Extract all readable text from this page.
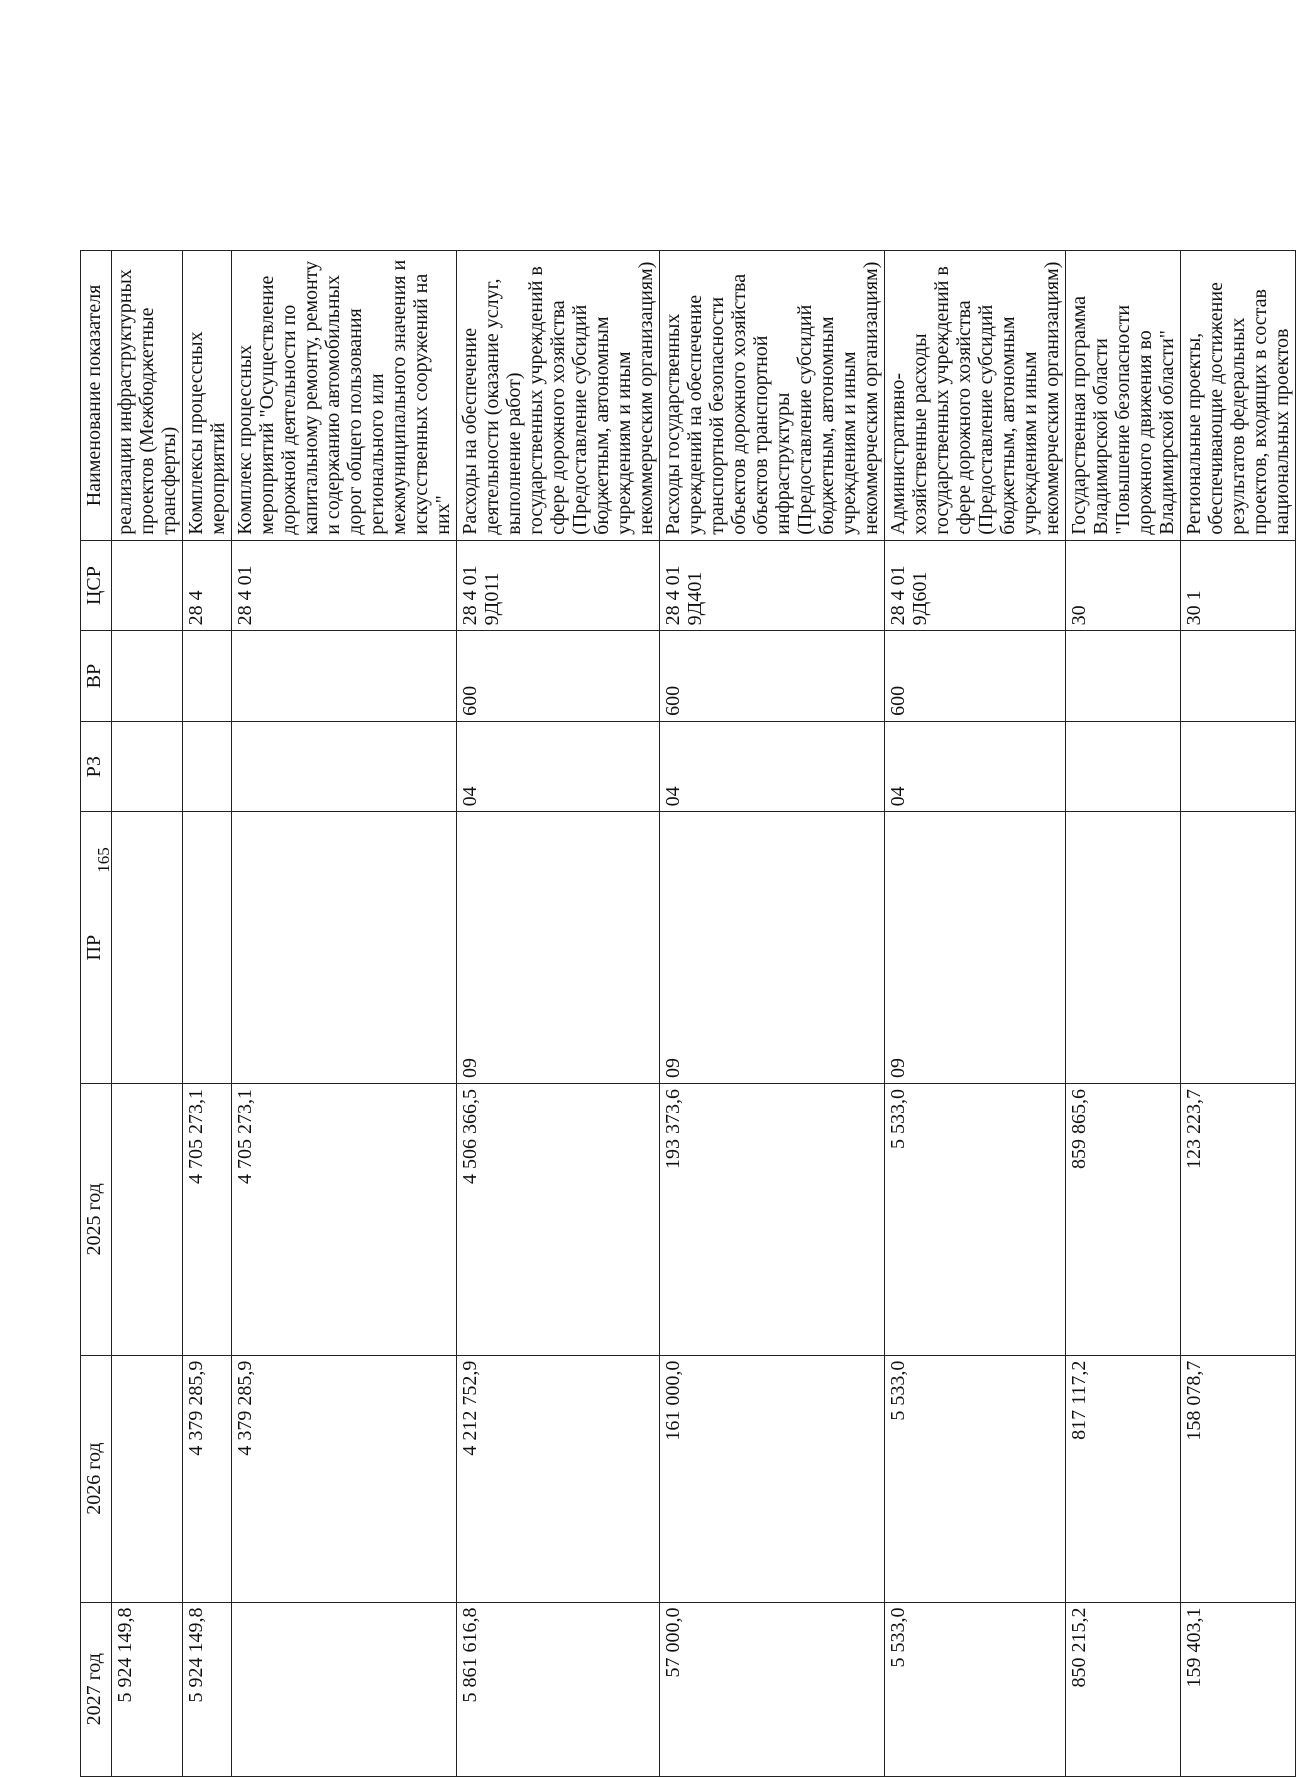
165
2027 год	2026 год	2025 год	ПР	РЗ	ВР	ЦСР	Наименование показателя
5 924 149,8							реализации инфраструктурных проектов (Межбюджетные трансферты)
5 924 149,8	4 379 285,9	4 705 273,1				28 4	Комплексы процессных мероприятий
	4 379 285,9	4 705 273,1				28 4 01	Комплекс процессных мероприятий "Осуществление дорожной деятельности по капитальному ремонту, ремонту и содержанию автомобильных дорог общего пользования регионального или межмуниципального значения и искусственных сооружений на них"
5 861 616,8	4 212 752,9	4 506 366,5	09	04	600	28 4 01 9Д011	Расходы на обеспечение деятельности (оказание услуг, выполнение работ) государственных учреждений в сфере дорожного хозяйства (Предоставление субсидий бюджетным, автономным учреждениям и иным некоммерческим организациям)
57 000,0	161 000,0	193 373,6	09	04	600	28 4 01 9Д401	Расходы государственных учреждений на обеспечение транспортной безопасности объектов дорожного хозяйства объектов транспортной инфраструктуры (Предоставление субсидий бюджетным, автономным учреждениям и иным некоммерческим организациям)
5 533,0	5 533,0	5 533,0	09	04	600	28 4 01 9Д601	Административно-хозяйственные расходы государственных учреждений в сфере дорожного хозяйства (Предоставление субсидий бюджетным, автономным учреждениям и иным некоммерческим организациям)
850 215,2	817 117,2	859 865,6				30	Государственная программа Владимирской области "Повышение безопасности дорожного движения во Владимирской области"
159 403,1	158 078,7	123 223,7				30 1	Региональные проекты, обеспечивающие достижение результатов федеральных проектов, входящих в состав национальных проектов
